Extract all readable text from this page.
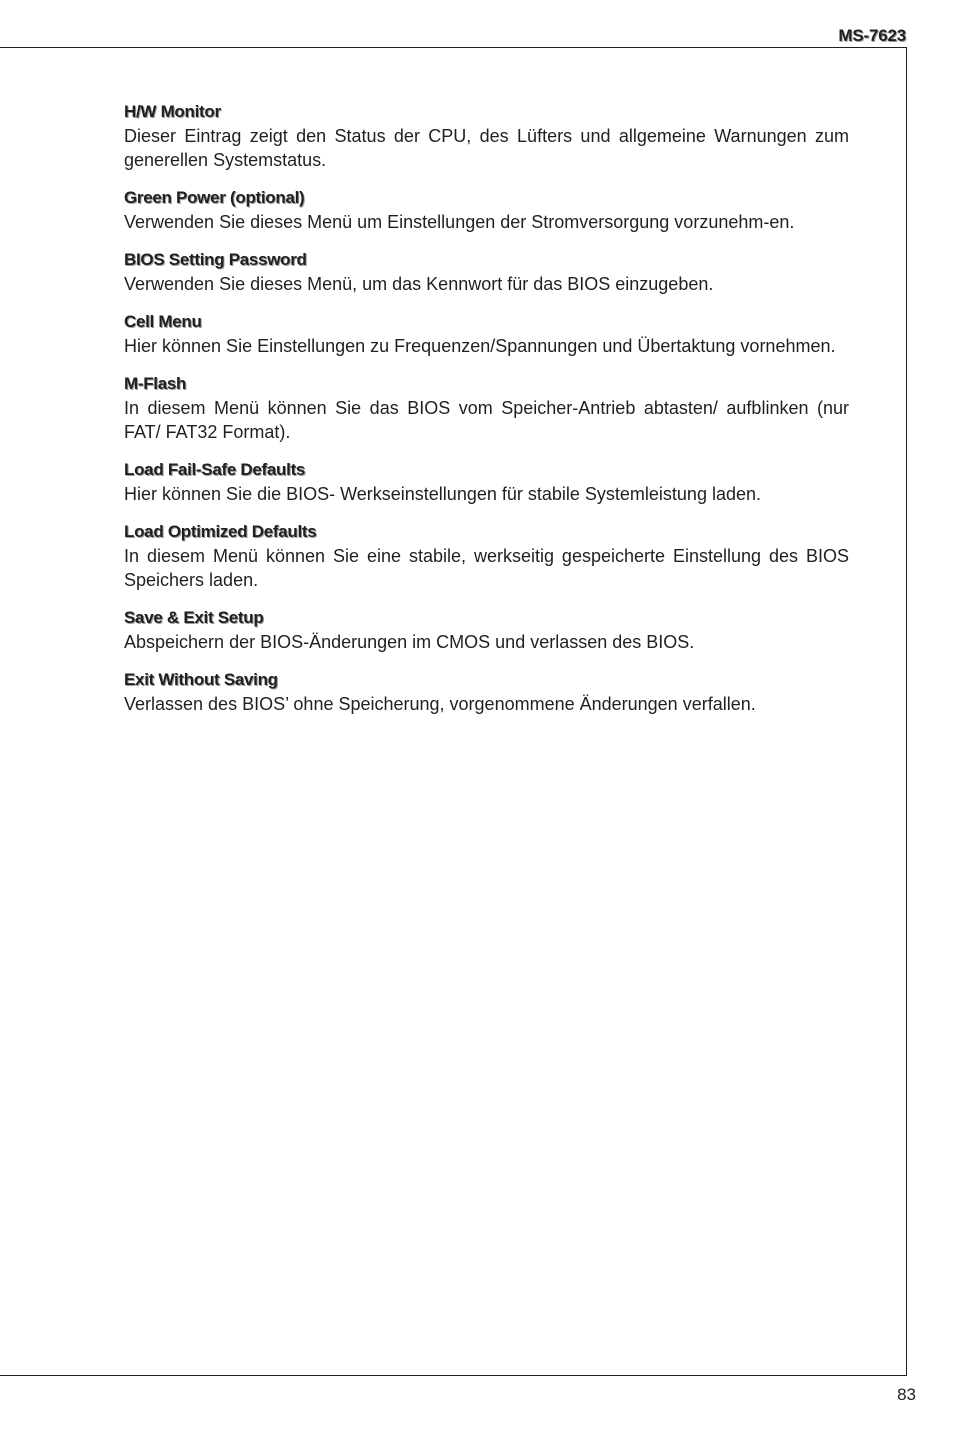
MS-7623
H/W Monitor

Dieser Eintrag zeigt den Status der CPU, des Lüfters und allgemeine Warnungen zum generellen Systemstatus.

Green Power (optional)

Verwenden Sie dieses Menü um Einstellungen der Stromversorgung vorzunehm-en.

BIOS Setting Password

Verwenden Sie dieses Menü, um das Kennwort für das BIOS einzugeben.

Cell Menu

Hier können Sie Einstellungen zu Frequenzen/Spannungen und Übertaktung vornehmen.

M-Flash

In diesem Menü können Sie das BIOS vom Speicher-Antrieb abtasten/ aufblinken (nur FAT/ FAT32 Format).

Load Fail-Safe Defaults

Hier können Sie die BIOS- Werkseinstellungen für stabile Systemleistung laden.

Load Optimized Defaults

In diesem Menü können Sie eine stabile, werkseitig gespeicherte Einstellung des BIOS Speichers laden.

Save & Exit Setup

Abspeichern der BIOS-Änderungen im CMOS und verlassen des BIOS.

Exit Without Saving

Verlassen des BIOS’ ohne Speicherung, vorgenommene Änderungen verfallen.

83
